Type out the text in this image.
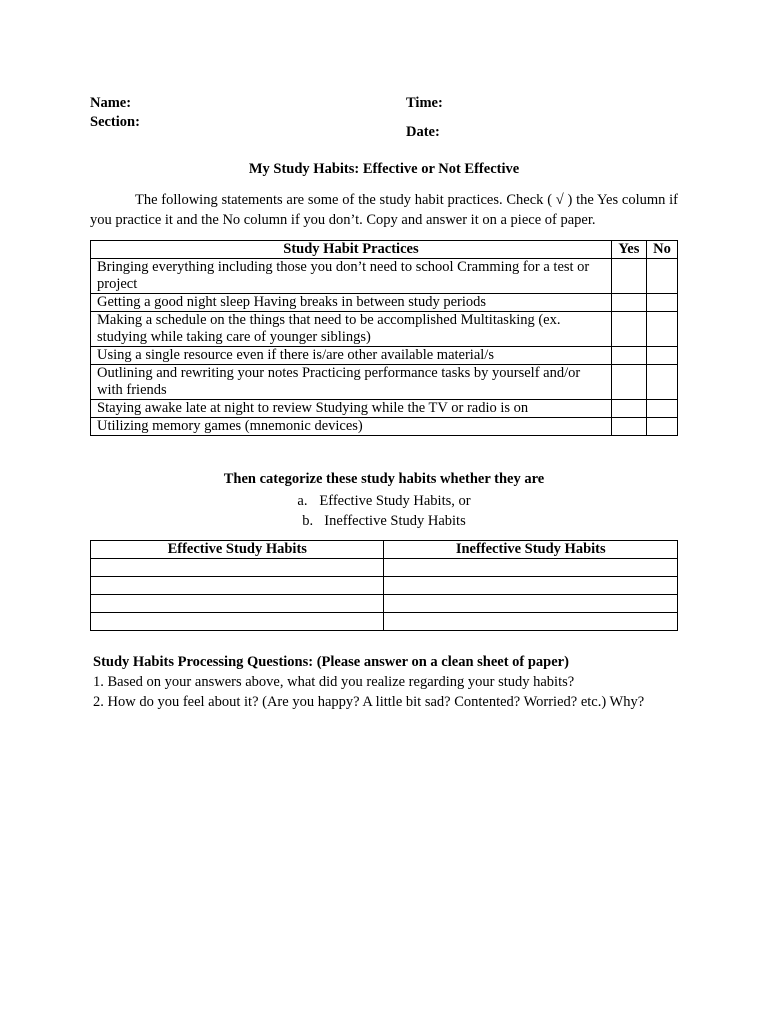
Name:
Section:
Time:
Date:
My Study Habits: Effective or Not Effective
The following statements are some of the study habit practices. Check ( √ ) the Yes column if you practice it and the No column if you don’t. Copy and answer it on a piece of paper.
Study Habit Practices	Yes	No
Bringing everything including those you don’t need to school Cramming for a test or project		
Getting a good night sleep Having breaks in between study periods		
Making a schedule on the things that need to be accomplished Multitasking (ex. studying while taking care of younger siblings)		
Using a single resource even if there is/are other available material/s		
Outlining and rewriting your notes Practicing performance tasks by yourself and/or with friends		
Staying awake late at night to review Studying while the TV or radio is on		
Utilizing memory games (mnemonic devices)		
Then categorize these study habits whether they are
a. Effective Study Habits, or
b. Ineffective Study Habits
Effective Study Habits	Ineffective Study Habits

Study Habits Processing Questions: (Please answer on a clean sheet of paper)
1. Based on your answers above, what did you realize regarding your study habits?
2. How do you feel about it? (Are you happy? A little bit sad? Contented? Worried? etc.) Why?
